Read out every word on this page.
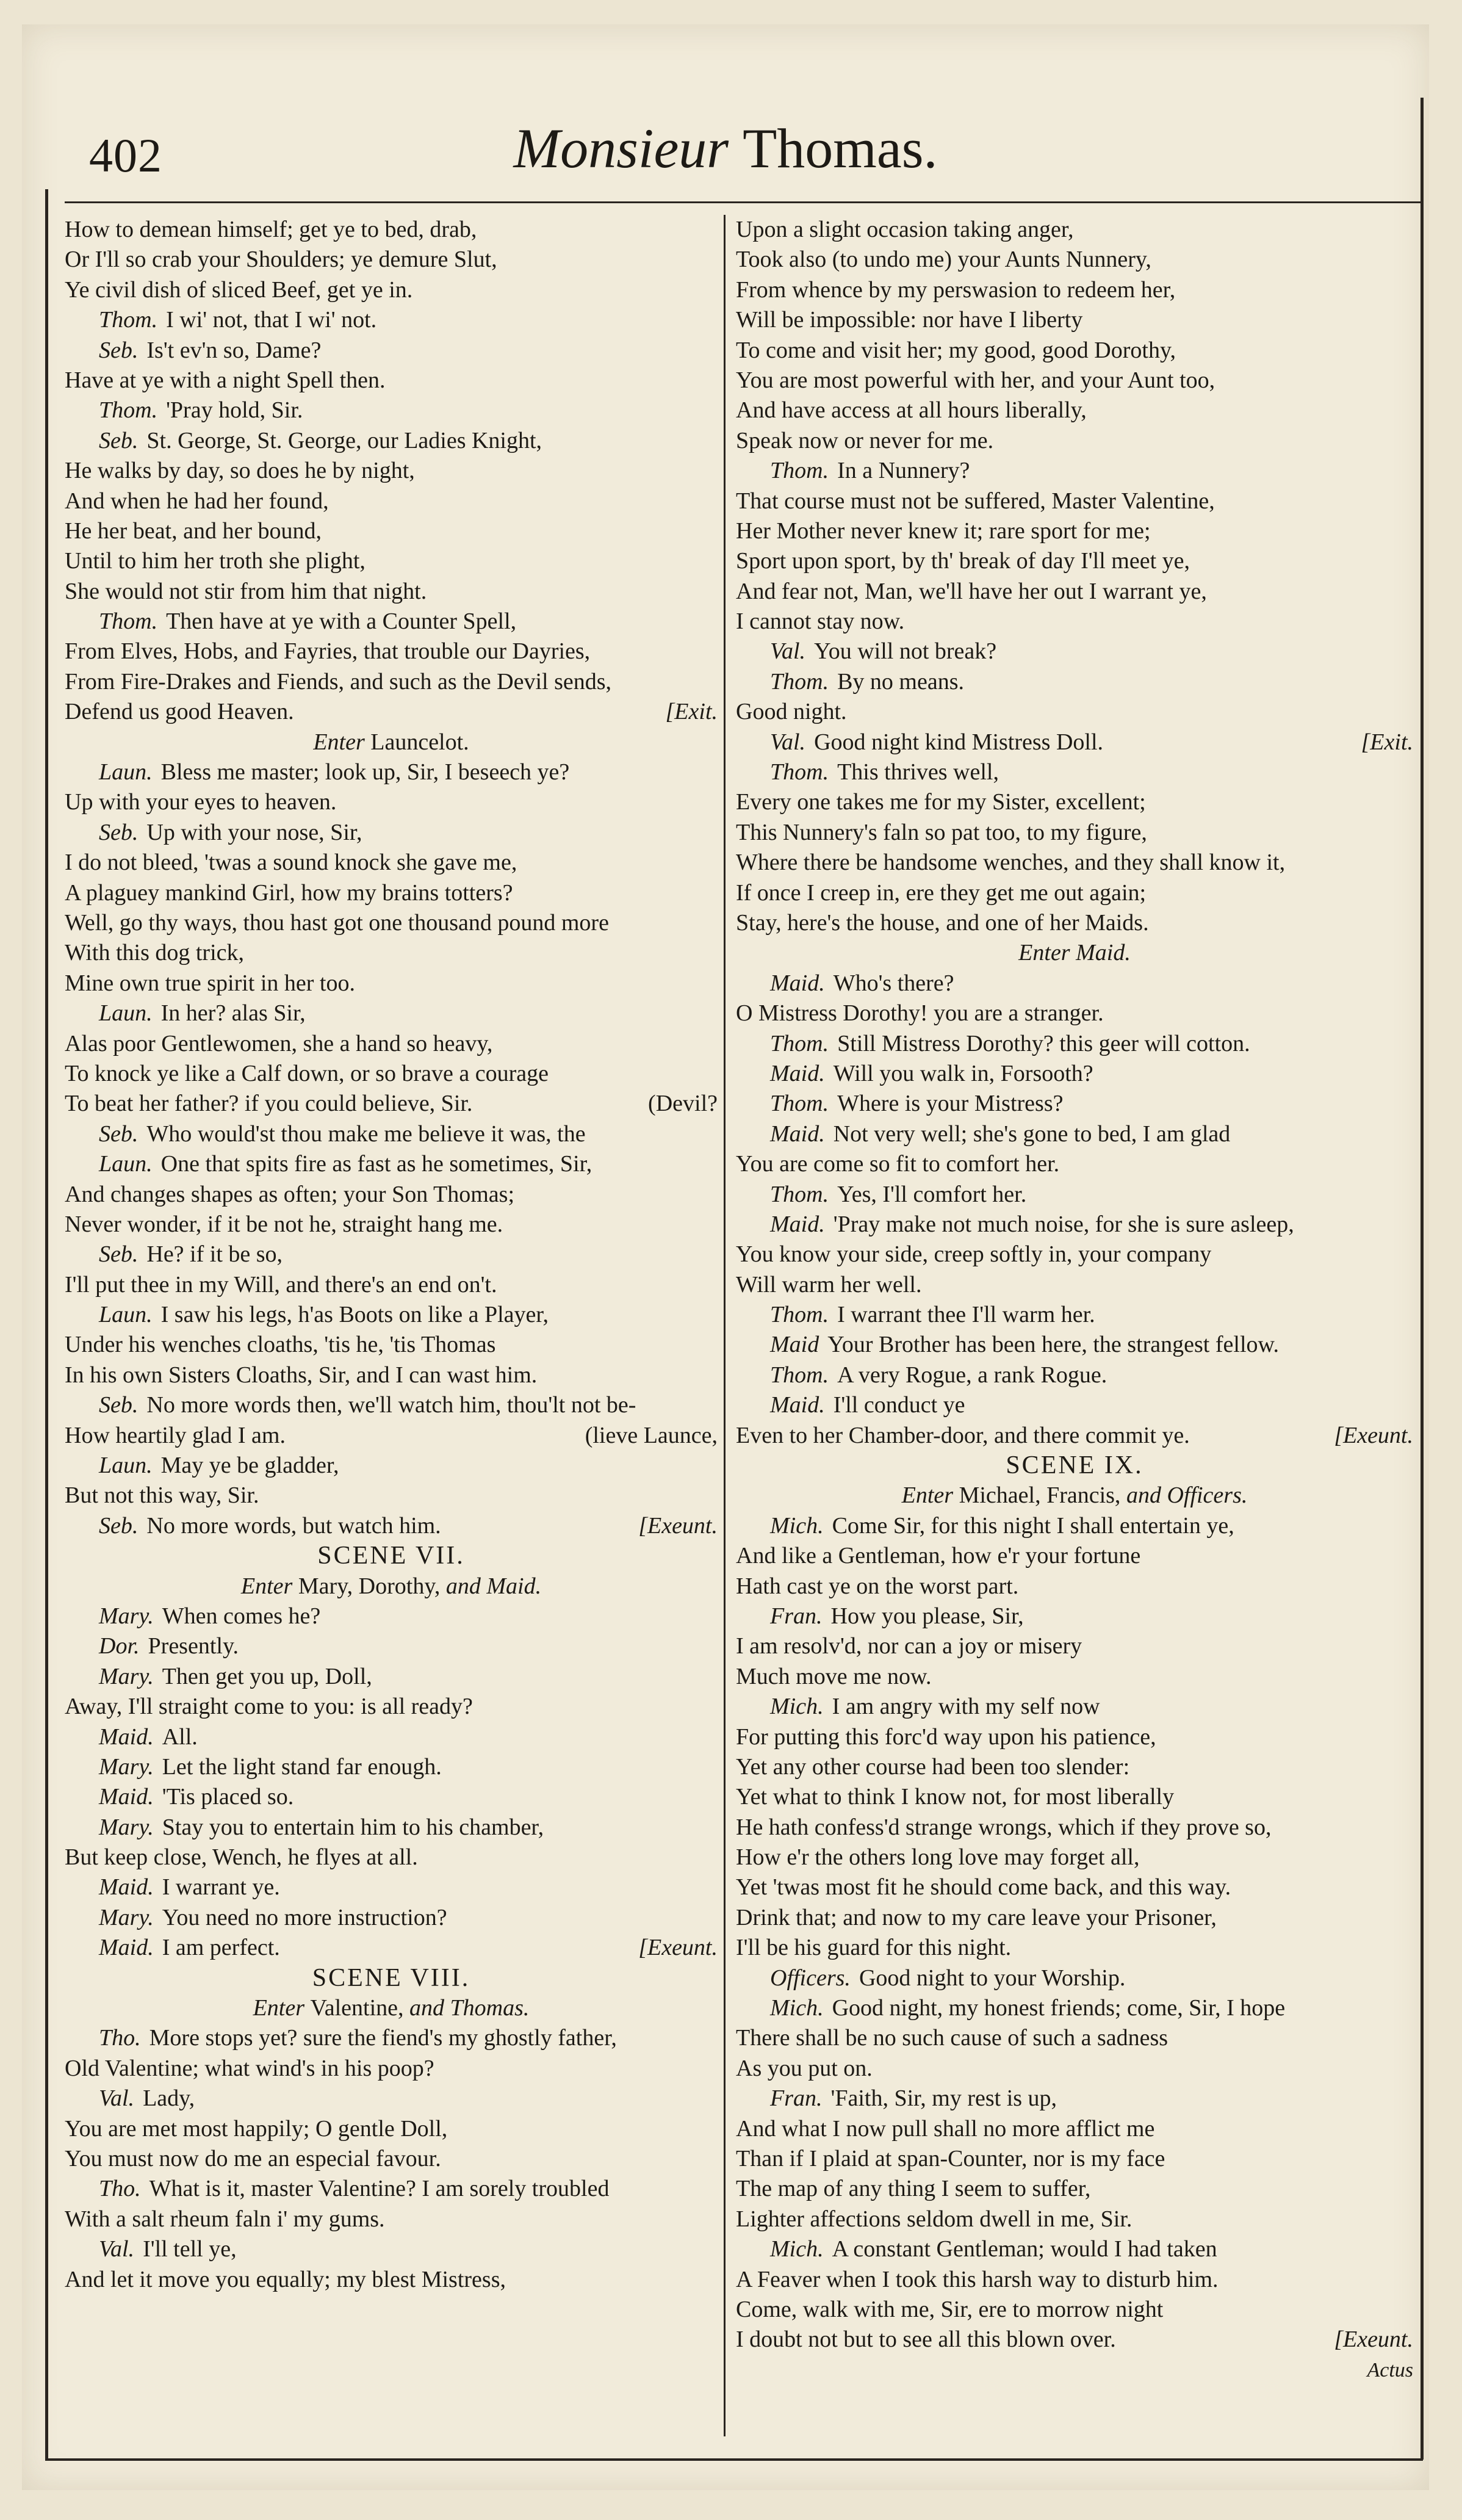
402	Monsieur Thomas.
How to demean himself; get ye to bed, drab,
Or I'll so crab your Shoulders; ye demure Slut,
Ye civil dish of sliced Beef, get ye in.
Thom. I wi' not, that I wi' not.
Seb. Is't ev'n so, Dame?
Have at ye with a night Spell then.
Thom. 'Pray hold, Sir.
Seb. St. George, St. George, our Ladies Knight,
He walks by day, so does he by night,
And when he had her found,
He her beat, and her bound,
Until to him her troth she plight,
She would not stir from him that night.
Thom. Then have at ye with a Counter Spell,
From Elves, Hobs, and Fayries, that trouble our Dayries,
From Fire-Drakes and Fiends, and such as the Devil sends,
Defend us good Heaven.	[Exit.
Enter Launcelot.
Laun. Bless me master; look up, Sir, I beseech ye?
Up with your eyes to heaven.
Seb. Up with your nose, Sir,
I do not bleed, 'twas a sound knock she gave me,
A plaguey mankind Girl, how my brains totters?
Well, go thy ways, thou hast got one thousand pound more
With this dog trick,
Mine own true spirit in her too.
Laun. In her? alas Sir,
Alas poor Gentlewomen, she a hand so heavy,
To knock ye like a Calf down, or so brave a courage
To beat her father? if you could believe, Sir.	(Devil?
Seb. Who would'st thou make me believe it was, the
Laun. One that spits fire as fast as he sometimes, Sir,
And changes shapes as often; your Son Thomas;
Never wonder, if it be not he, straight hang me.
Seb. He? if it be so,
I'll put thee in my Will, and there's an end on't.
Laun. I saw his legs, h'as Boots on like a Player,
Under his wenches cloaths, 'tis he, 'tis Thomas
In his own Sisters Cloaths, Sir, and I can wast him.
Seb. No more words then, we'll watch him, thou'lt not be-
How heartily glad I am.	(lieve Launce,
Laun. May ye be gladder,
But not this way, Sir.
Seb. No more words, but watch him.	[Exeunt.
SCENE VII.
Enter Mary, Dorothy, and Maid.
Mary. When comes he?
Dor. Presently.
Mary. Then get you up, Doll,
Away, I'll straight come to you: is all ready?
Maid. All.
Mary. Let the light stand far enough.
Maid. 'Tis placed so.
Mary. Stay you to entertain him to his chamber,
But keep close, Wench, he flyes at all.
Maid. I warrant ye.
Mary. You need no more instruction?
Maid. I am perfect.	[Exeunt.
SCENE VIII.
Enter Valentine, and Thomas.
Tho. More stops yet? sure the fiend's my ghostly father,
Old Valentine; what wind's in his poop?
Val. Lady,
You are met most happily; O gentle Doll,
You must now do me an especial favour.
Tho. What is it, master Valentine? I am sorely troubled
With a salt rheum faln i' my gums.
Val. I'll tell ye,
And let it move you equally; my blest Mistress,
Upon a slight occasion taking anger,
Took also (to undo me) your Aunts Nunnery,
From whence by my perswasion to redeem her,
Will be impossible: nor have I liberty
To come and visit her; my good, good Dorothy,
You are most powerful with her, and your Aunt too,
And have access at all hours liberally,
Speak now or never for me.
Thom. In a Nunnery?
That course must not be suffered, Master Valentine,
Her Mother never knew it; rare sport for me;
Sport upon sport, by th' break of day I'll meet ye,
And fear not, Man, we'll have her out I warrant ye,
I cannot stay now.
Val. You will not break?
Thom. By no means.
Good night.
Val. Good night kind Mistress Doll.	[Exit.
Thom. This thrives well,
Every one takes me for my Sister, excellent;
This Nunnery's faln so pat too, to my figure,
Where there be handsome wenches, and they shall know it,
If once I creep in, ere they get me out again;
Stay, here's the house, and one of her Maids.
Enter Maid.
Maid. Who's there?
O Mistress Dorothy! you are a stranger.
Thom. Still Mistress Dorothy? this geer will cotton.
Maid. Will you walk in, Forsooth?
Thom. Where is your Mistress?
Maid. Not very well; she's gone to bed, I am glad
You are come so fit to comfort her.
Thom. Yes, I'll comfort her.
Maid. 'Pray make not much noise, for she is sure asleep,
You know your side, creep softly in, your company
Will warm her well.
Thom. I warrant thee I'll warm her.
Maid Your Brother has been here, the strangest fellow.
Thom. A very Rogue, a rank Rogue.
Maid. I'll conduct ye
Even to her Chamber-door, and there commit ye.	[Exeunt.
SCENE IX.
Enter Michael, Francis, and Officers.
Mich. Come Sir, for this night I shall entertain ye,
And like a Gentleman, how e'r your fortune
Hath cast ye on the worst part.
Fran. How you please, Sir,
I am resolv'd, nor can a joy or misery
Much move me now.
Mich. I am angry with my self now
For putting this forc'd way upon his patience,
Yet any other course had been too slender:
Yet what to think I know not, for most liberally
He hath confess'd strange wrongs, which if they prove so,
How e'r the others long love may forget all,
Yet 'twas most fit he should come back, and this way.
Drink that; and now to my care leave your Prisoner,
I'll be his guard for this night.
Officers. Good night to your Worship.
Mich. Good night, my honest friends; come, Sir, I hope
There shall be no such cause of such a sadness
As you put on.
Fran. 'Faith, Sir, my rest is up,
And what I now pull shall no more afflict me
Than if I plaid at span-Counter, nor is my face
The map of any thing I seem to suffer,
Lighter affections seldom dwell in me, Sir.
Mich. A constant Gentleman; would I had taken
A Feaver when I took this harsh way to disturb him.
Come, walk with me, Sir, ere to morrow night
I doubt not but to see all this blown over.	[Exeunt.
Actus
